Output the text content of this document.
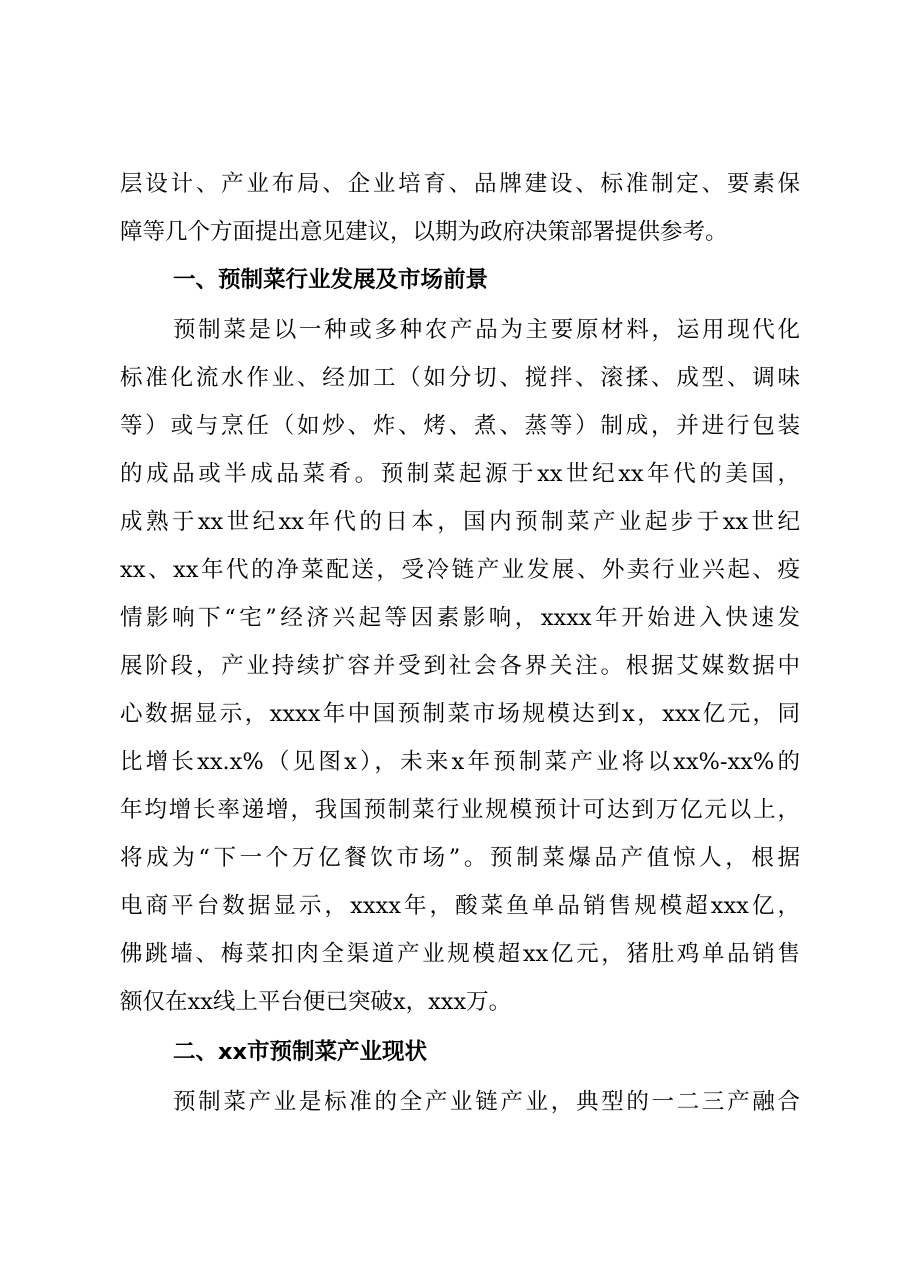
层设计、产业布局、企业培育、品牌建设、标准制定、要素保
障等几个方面提出意见建议，以期为政府决策部署提供参考。
一、预制菜行业发展及市场前景
预制菜是以一种或多种农产品为主要原材料，运用现代化
标准化流水作业、经加工（如分切、搅拌、滚揉、成型、调味
等）或与烹任（如炒、炸、烤、煮、蒸等）制成，并进行包装
的成品或半成品菜肴。预制菜起源于xx世纪xx年代的美国，
成熟于xx世纪xx年代的日本，国内预制菜产业起步于xx世纪
xx、xx年代的净菜配送，受冷链产业发展、外卖行业兴起、疫
情影响下“宅”经济兴起等因素影响，xxxx年开始进入快速发
展阶段，产业持续扩容并受到社会各界关注。根据艾媒数据中
心数据显示，xxxx年中国预制菜市场规模达到x，xxx亿元，同
比增长xx.x%（见图x），未来x年预制菜产业将以xx%-xx%的
年均增长率递增，我国预制菜行业规模预计可达到万亿元以上，
将成为“下一个万亿餐饮市场”。预制菜爆品产值惊人，根据
电商平台数据显示，xxxx年，酸菜鱼单品销售规模超xxx亿，
佛跳墙、梅菜扣肉全渠道产业规模超xx亿元，猪肚鸡单品销售
额仅在xx线上平台便已突破x，xxx万。
二、xx市预制菜产业现状
预制菜产业是标准的全产业链产业，典型的一二三产融合
